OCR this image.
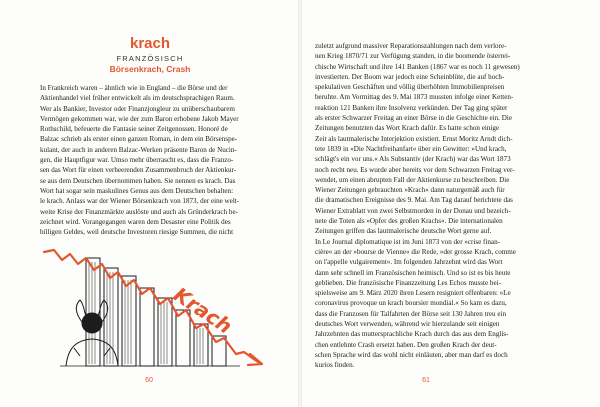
krach
FRANZÖSISCH
Börsenkrach, Crash
In Frankreich waren – ähnlich wie in England – die Börse und der
Aktienhandel viel früher entwickelt als im deutschsprachigen Raum.
Wer als Bankier, Investor oder Finanzjongleur zu unüberschaubarem
Vermögen gekommen war, wie der zum Baron erhobene Jakob Mayer
Rothschild, befeuerte die Fantasie seiner Zeitgenossen. Honoré de
Balzac schrieb als erster einen ganzen Roman, in dem ein Börsenspe-
kulant, der auch in anderen Balzac-Werken präsente Baron de Nucin-
gen, die Hauptfigur war. Umso mehr überrascht es, dass die Franzo-
sen das Wort für einen verheerenden Zusammenbruch der Aktienkur-
se aus dem Deutschen übernommen haben. Sie nennen es krach. Das
Wort hat sogar sein maskulines Genus aus dem Deutschen behalten:
le krach. Anlass war der Wiener Börsenkrach von 1873, der eine welt-
weite Krise der Finanzmärkte auslöste und auch als Gründerkrach be-
zeichnet wird. Vorangegangen waren dem Desaster eine Politik des
billigen Geldes, weil deutsche Investoren riesige Summen, die nicht
Krach
60
zuletzt aufgrund massiver Reparationszahlungen nach dem verlore-
nen Krieg 1870/71 zur Verfügung standen, in die boomende österrei-
chische Wirtschaft und ihre 141 Banken (1867 war es noch 11 gewesen)
investierten. Der Boom war jedoch eine Scheinblüte, die auf hoch-
spekulativen Geschäften und völlig überhöhten Immobilienpreisen
beruhte. Am Vormittag des 9. Mai 1873 mussten infolge einer Ketten-
reaktion 121 Banken ihre Insolvenz verkünden. Der Tag ging später
als erster Schwarzer Freitag an einer Börse in die Geschichte ein. Die
Zeitungen benutzten das Wort Krach dafür. Es hatte schon einige
Zeit als lautmalerische Interjektion existiert. Ernst Moritz Arndt dich-
tete 1839 in »Die Nachtfreihanfart« über ein Gewitter: »Und krach,
schlägt's ein vor uns.« Als Substantiv (der Krach) war das Wort 1873
noch recht neu. Es wurde aber bereits vor dem Schwarzen Freitag ver-
wendet, um einen abrupten Fall der Aktienkurse zu beschreiben. Die
Wiener Zeitungen gebrauchten »Krach« dann naturgemäß auch für
die dramatischen Ereignisse des 9. Mai. Am Tag darauf berichtete das
Wiener Extrablatt von zwei Selbstmorden in der Donau und bezeich-
nete die Toten als »Opfer des großen Krachs«. Die internationalen
Zeitungen griffen das lautmalerische deutsche Wort gerne auf.
In Le Journal diplomatique ist im Juni 1873 von der »crise finan-
cière« an der »bourse de Vienne« die Rede, »der grosse Krach, comme
on l'appelle vulgairement«. Im folgenden Jahrzehnt wird das Wort
dann sehr schnell im Französischen heimisch. Und so ist es bis heute
geblieben. Die französische Finanzzeitung Les Echos musste bei-
spielsweise am 9. März 2020 ihren Lesern resigniert offenbaren: »Le
coronavirus provoque un krach boursier mondial.« So kam es dazu,
dass die Franzosen für Talfahrten der Börse seit 130 Jahren treu ein
deutsches Wort verwenden, während wir hierzulande seit einigen
Jahrzehnten das muttersprachliche Krach durch das aus dem Englis-
chen entlehnte Crash ersetzt haben. Den großen Krach der deut-
schen Sprache wird das wohl nicht einläuten, aber man darf es doch
kurios finden.
61
